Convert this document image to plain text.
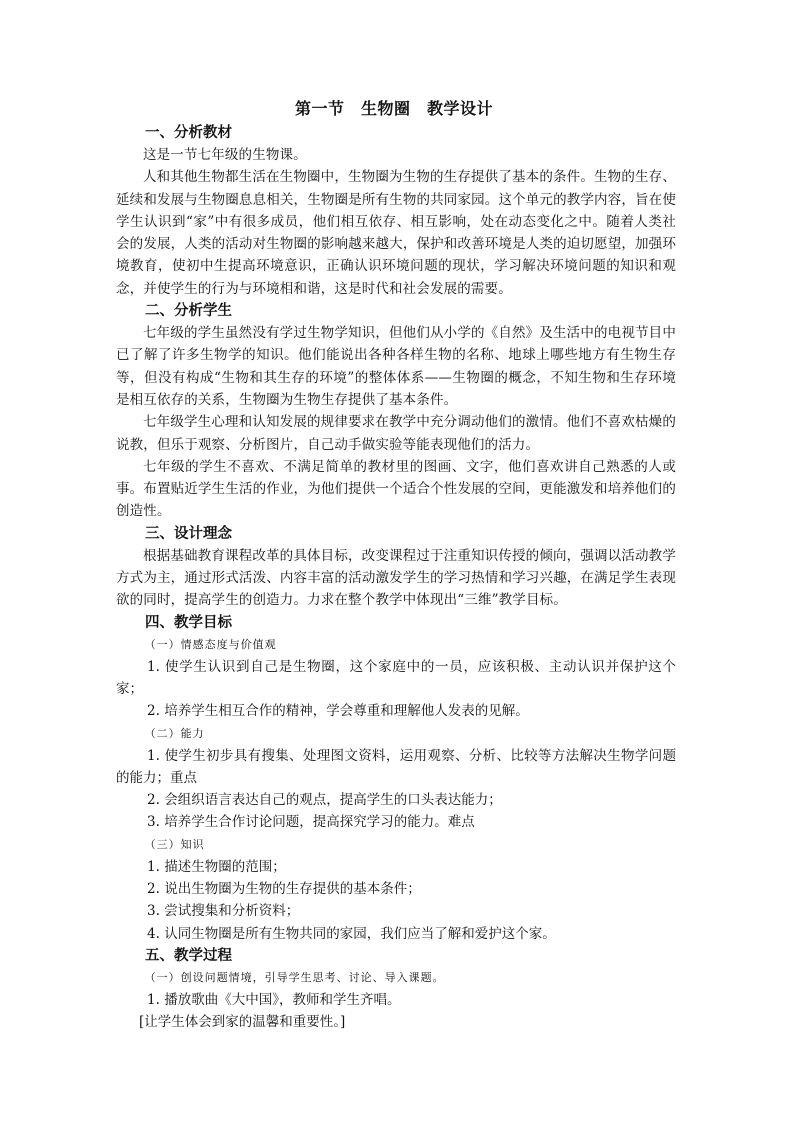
第一节　生物圈　教学设计
一、分析教材

这是一节七年级的生物课。

人和其他生物都生活在生物圈中，生物圈为生物的生存提供了基本的条件。生物的生存、延续和发展与生物圈息息相关，生物圈是所有生物的共同家园。这个单元的教学内容，旨在使学生认识到“家”中有很多成员，他们相互依存、相互影响，处在动态变化之中。随着人类社会的发展，人类的活动对生物圈的影响越来越大，保护和改善环境是人类的迫切愿望，加强环境教育，使初中生提高环境意识，正确认识环境问题的现状，学习解决环境问题的知识和观念，并使学生的行为与环境相和谐，这是时代和社会发展的需要。

二、分析学生

七年级的学生虽然没有学过生物学知识，但他们从小学的《自然》及生活中的电视节目中已了解了许多生物学的知识。他们能说出各种各样生物的名称、地球上哪些地方有生物生存等，但没有构成“生物和其生存的环境”的整体体系——生物圈的概念，不知生物和生存环境是相互依存的关系，生物圈为生物生存提供了基本条件。

七年级学生心理和认知发展的规律要求在教学中充分调动他们的激情。他们不喜欢枯燥的说教，但乐于观察、分析图片，自己动手做实验等能表现他们的活力。

七年级的学生不喜欢、不满足简单的教材里的图画、文字，他们喜欢讲自己熟悉的人或事。布置贴近学生生活的作业，为他们提供一个适合个性发展的空间，更能激发和培养他们的创造性。

三、设计理念

根据基础教育课程改革的具体目标，改变课程过于注重知识传授的倾向，强调以活动教学方式为主，通过形式活泼、内容丰富的活动激发学生的学习热情和学习兴趣，在满足学生表现欲的同时，提高学生的创造力。力求在整个教学中体现出“三维”教学目标。

四、教学目标
（一）情感态度与价值观

1. 使学生认识到自己是生物圈，这个家庭中的一员，应该积极、主动认识并保护这个家；

2. 培养学生相互合作的精神，学会尊重和理解他人发表的见解。

（二）能力

1. 使学生初步具有搜集、处理图文资料，运用观察、分析、比较等方法解决生物学问题的能力；重点

2. 会组织语言表达自己的观点，提高学生的口头表达能力；

3. 培养学生合作讨论问题，提高探究学习的能力。难点

（三）知识

1. 描述生物圈的范围；

2. 说出生物圈为生物的生存提供的基本条件；

3. 尝试搜集和分析资料；

4. 认同生物圈是所有生物共同的家园，我们应当了解和爱护这个家。

五、教学过程
（一）创设问题情境，引导学生思考、讨论、导入课题。

1. 播放歌曲《大中国》，教师和学生齐唱。

[让学生体会到家的温馨和重要性。]
